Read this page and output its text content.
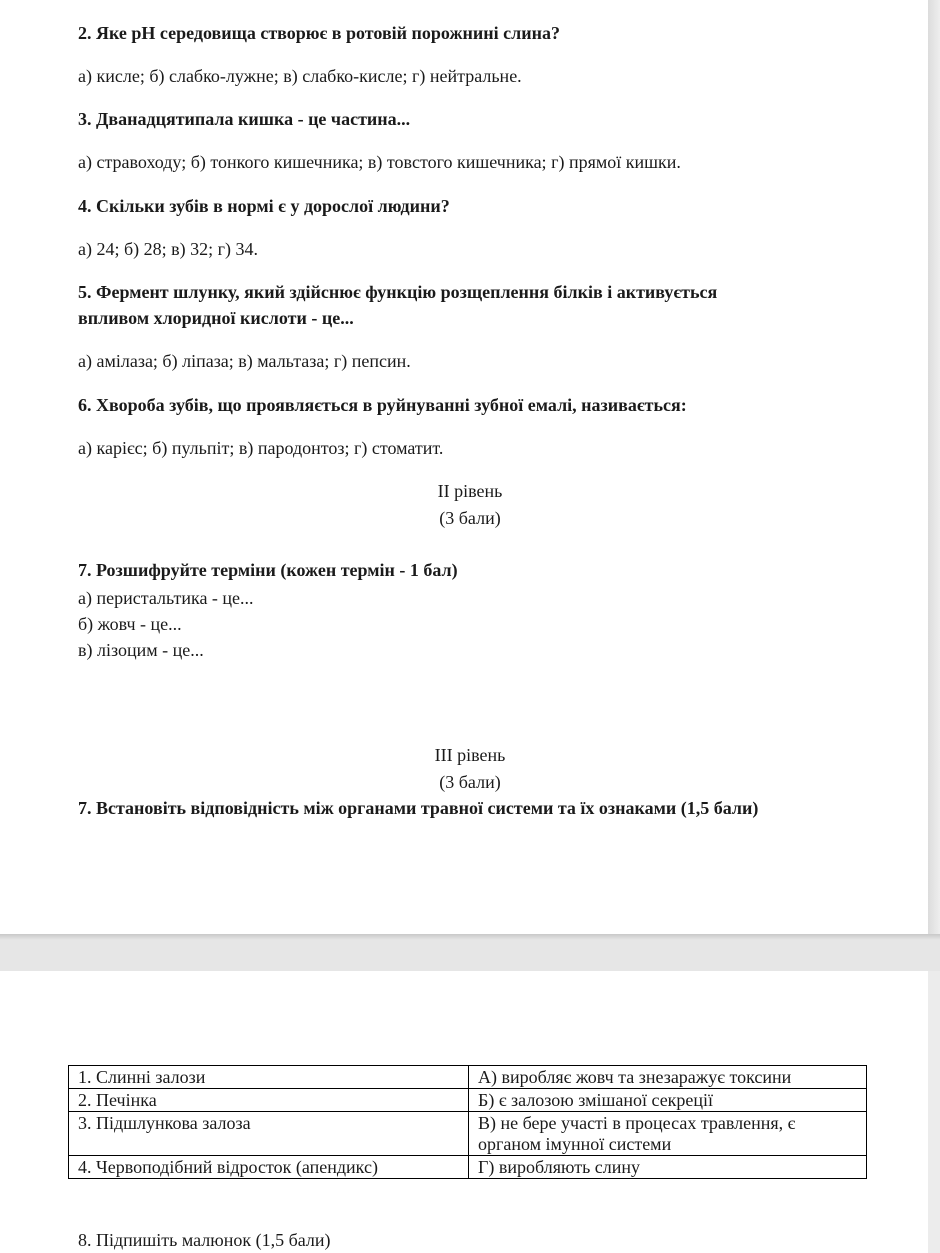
2. Яке рН середовища створює в ротовій порожнині слина?
а) кисле; б) слабко-лужне; в) слабко-кисле; г) нейтральне.
3. Дванадцятипала кишка - це частина...
а) стравоходу; б) тонкого кишечника; в) товстого кишечника; г) прямої кишки.
4. Скільки зубів в нормі є у дорослої людини?
а) 24; б) 28; в) 32; г) 34.
5. Фермент шлунку, який здійснює функцію розщеплення білків і активується
впливом хлоридної кислоти - це...
а) амілаза; б) ліпаза; в) мальтаза; г) пепсин.
6. Хвороба зубів, що проявляється в руйнуванні зубної емалі, називається:
а) карієс; б) пульпіт; в) пародонтоз; г) стоматит.
ІІ рівень
(3 бали)
7. Розшифруйте терміни (кожен термін - 1 бал)
а) перистальтика - це...
б) жовч - це...
в) лізоцим - це...
ІІІ рівень
(3 бали)
7. Встановіть відповідність між органами травної системи та їх ознаками (1,5 бали)
1. Слинні залози	А) виробляє жовч та знезаражує токсини
2. Печінка	Б) є залозою змішаної секреції
3. Підшлункова залоза	В) не бере участі в процесах травлення, є
органом імунної системи

4. Червоподібний відросток (апендикс)	Г) виробляють слину
8. Підпишіть малюнок (1,5 бали)
